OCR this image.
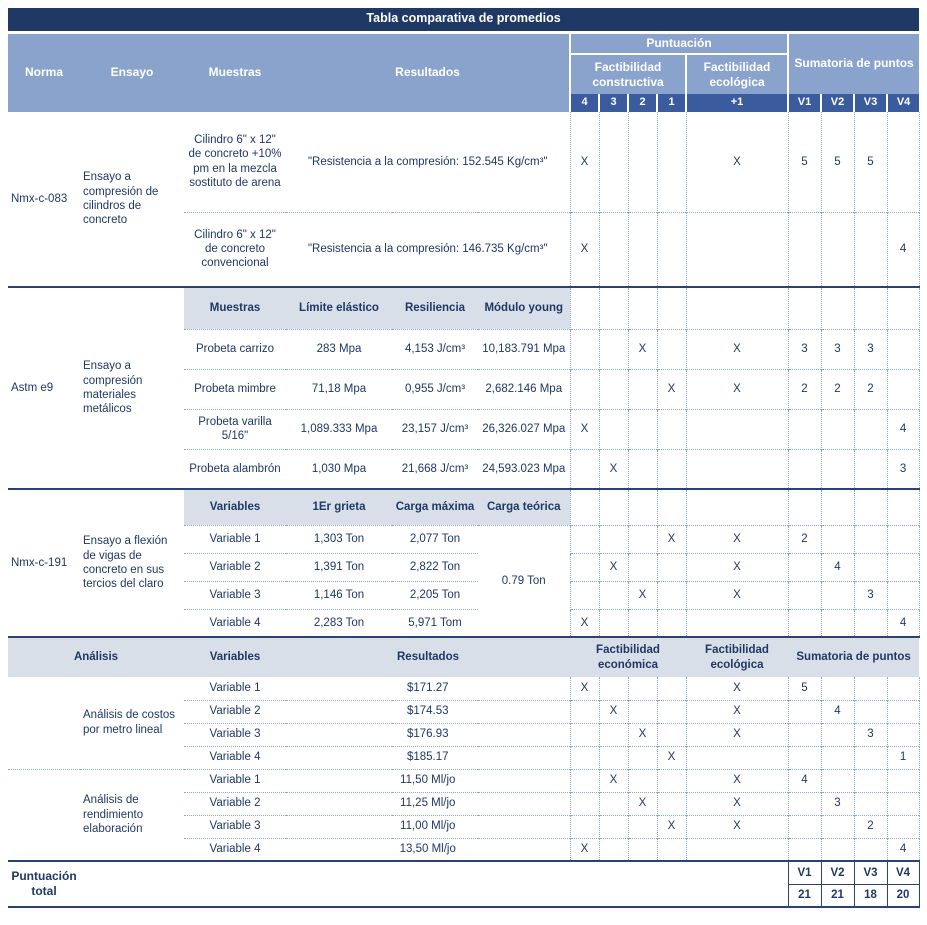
Tabla comparativa de promedios														
Norma	Ensayo	Muestras	Resultados			Puntuación					Sumatoria de puntos			
						Factibilidad constructiva				Factibilidad ecológica				
						4	3	2	1	+1	V1	V2	V3	V4
Nmx-c-083	Ensayo a compresión de cilindros de concreto	Cilindro 6" x 12" de concreto +10% pm en la mezcla sostituto de arena	"Resistencia a la compresión: 152.545 Kg/cm³"			X				X	5	5	5	
		Cilindro 6" x 12" de concreto convencional	"Resistencia a la compresión: 146.735 Kg/cm³"			X								4
Astm e9	Ensayo a compresión materiales metálicos	Muestras	Límite elástico	Resiliencia	Módulo young									
		Probeta carrizo	283 Mpa	4,153 J/cm³	10,183.791 Mpa			X		X	3	3	3	
		Probeta mimbre	71,18 Mpa	0,955 J/cm³	2,682.146 Mpa				X	X	2	2	2	
		Probeta varilla 5/16"	1,089.333 Mpa	23,157 J/cm³	26,326.027 Mpa	X								4
		Probeta alambrón	1,030 Mpa	21,668 J/cm³	24,593.023 Mpa		X							3
Nmx-c-191	Ensayo a flexión de vigas de concreto en sus tercios del claro	Variables	1Er grieta	Carga máxima	Carga teórica									
		Variable 1	1,303 Ton	2,077 Ton	0.79 Ton				X	X	2			
		Variable 2	1,391 Ton	2,822 Ton			X			X		4		
		Variable 3	1,146 Ton	2,205 Ton				X		X			3	
		Variable 4	2,283 Ton	5,971 Tom		X								4
Análisis		Variables	Resultados			Factibilidad económica				Factibilidad ecológica	Sumatoria de puntos			
	Análisis de costos por metro lineal	Variable 1	$171.27			X				X	5			
		Variable 2	$174.53				X			X		4		
		Variable 3	$176.93					X		X			3	
		Variable 4	$185.17						X					1
	Análisis de rendimiento elaboración	Variable 1	11,50 Ml/jo				X			X	4			
		Variable 2	11,25 Ml/jo					X		X		3		
		Variable 3	11,00 Ml/jo						X	X			2	
		Variable 4	13,50 Ml/jo			X								4
Puntuación total											V1	V2	V3	V4
											21	21	18	20
